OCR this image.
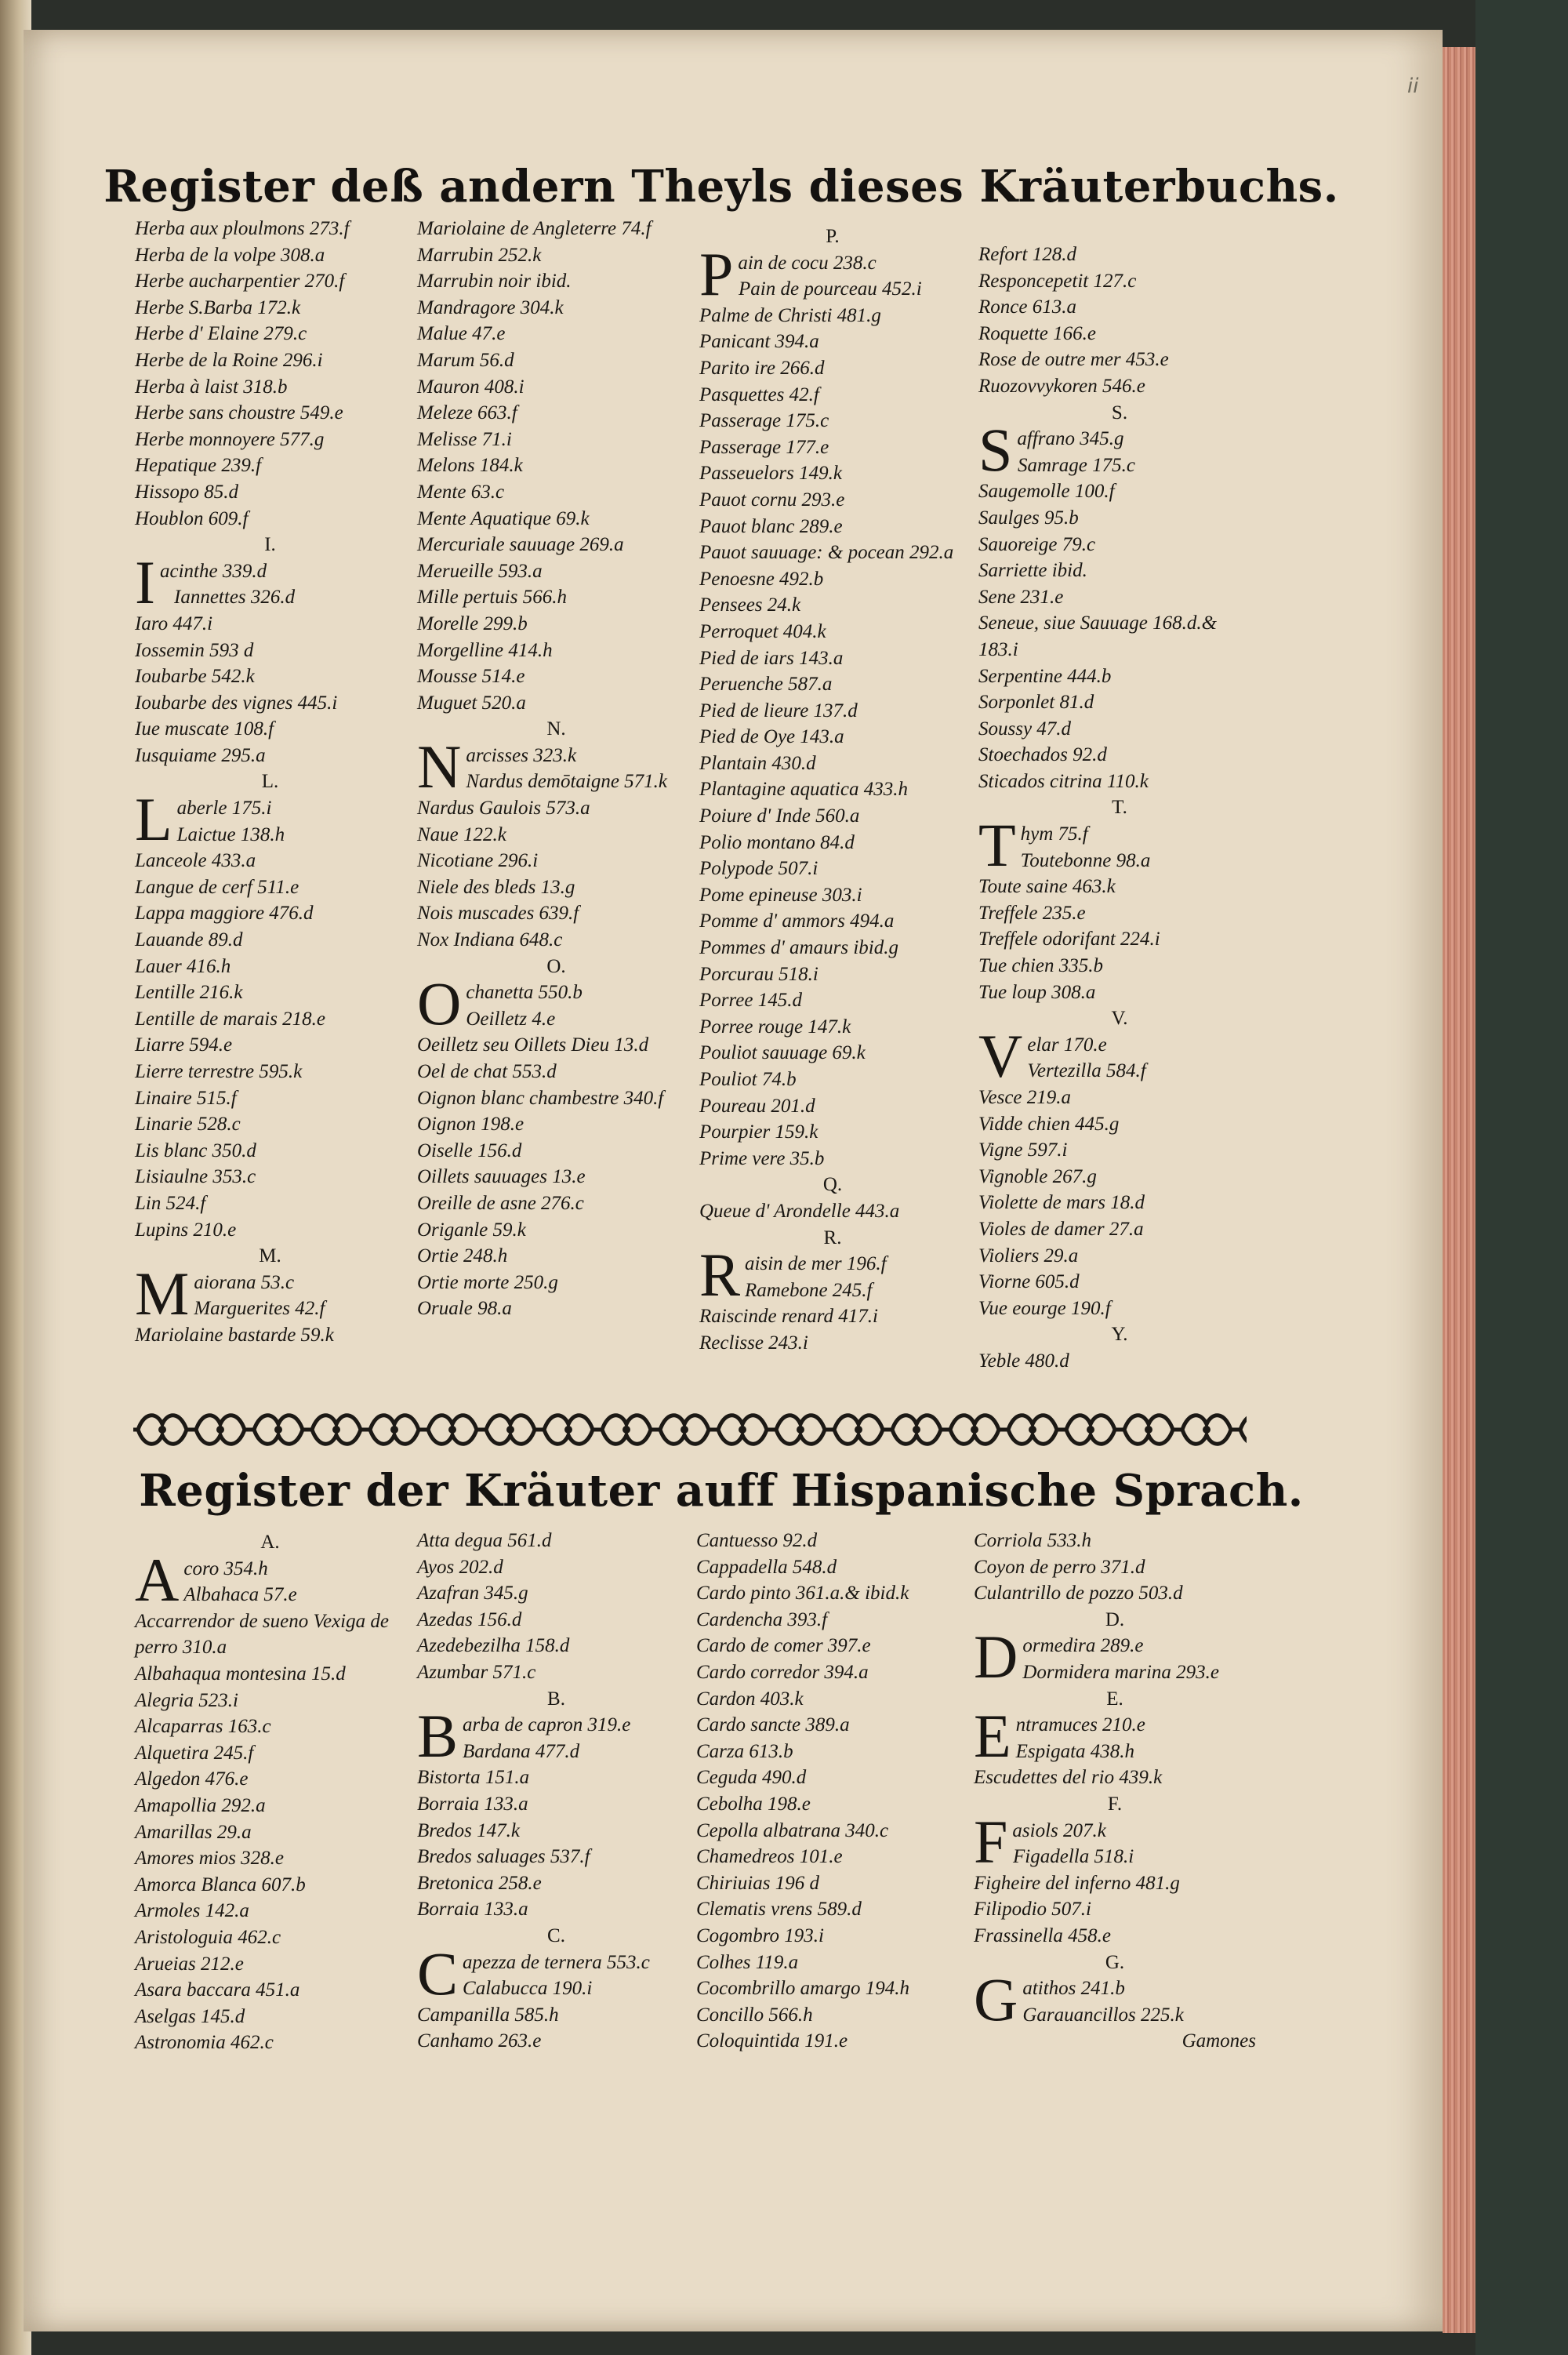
ii
Register deß andern Theyls dieses Kräuterbuchs.
Herba aux ploulmons 273.f
Herba de la volpe 308.a
Herbe aucharpentier 270.f
Herbe S.Barba 172.k
Herbe d' Elaine 279.c
Herbe de la Roine 296.i
Herba à laist 318.b
Herbe sans choustre 549.e
Herbe monnoyere 577.g
Hepatique 239.f
Hissopo 85.d
Houblon 609.f
I.
Iacinthe 339.d
Iannettes 326.d
Iaro 447.i
Iossemin 593 d
Ioubarbe 542.k
Ioubarbe des vignes 445.i
Iue muscate 108.f
Iusquiame 295.a
L.
Laberle 175.i
Laictue 138.h
Lanceole 433.a
Langue de cerf 511.e
Lappa maggiore 476.d
Lauande 89.d
Lauer 416.h
Lentille 216.k
Lentille de marais 218.e
Liarre 594.e
Lierre terrestre 595.k
Linaire 515.f
Linarie 528.c
Lis blanc 350.d
Lisiaulne 353.c
Lin 524.f
Lupins 210.e
M.
Maiorana 53.c
Marguerites 42.f
Mariolaine bastarde 59.k
Mariolaine de Angleterre 74.f
Marrubin 252.k
Marrubin noir ibid.
Mandragore 304.k
Malue 47.e
Marum 56.d
Mauron 408.i
Meleze 663.f
Melisse 71.i
Melons 184.k
Mente 63.c
Mente Aquatique 69.k
Mercuriale sauuage 269.a
Merueille 593.a
Mille pertuis 566.h
Morelle 299.b
Morgelline 414.h
Mousse 514.e
Muguet 520.a
N.
Narcisses 323.k
Nardus demōtaigne 571.k
Nardus Gaulois 573.a
Naue 122.k
Nicotiane 296.i
Niele des bleds 13.g
Nois muscades 639.f
Nox Indiana 648.c
O.
Ochanetta 550.b
Oeilletz 4.e
Oeilletz seu Oillets Dieu 13.d
Oel de chat 553.d
Oignon blanc chambestre 340.f
Oignon 198.e
Oiselle 156.d
Oillets sauuages 13.e
Oreille de asne 276.c
Origanle 59.k
Ortie 248.h
Ortie morte 250.g
Oruale 98.a
P.
Pain de cocu 238.c
Pain de pourceau 452.i
Palme de Christi 481.g
Panicant 394.a
Parito ire 266.d
Pasquettes 42.f
Passerage 175.c
Passerage 177.e
Passeuelors 149.k
Pauot cornu 293.e
Pauot blanc 289.e
Pauot sauuage: & pocean 292.a
Penoesne 492.b
Pensees 24.k
Perroquet 404.k
Pied de iars 143.a
Peruenche 587.a
Pied de lieure 137.d
Pied de Oye 143.a
Plantain 430.d
Plantagine aquatica 433.h
Poiure d' Inde 560.a
Polio montano 84.d
Polypode 507.i
Pome epineuse 303.i
Pomme d' ammors 494.a
Pommes d' amaurs ibid.g
Porcurau 518.i
Porree 145.d
Porree rouge 147.k
Pouliot sauuage 69.k
Pouliot 74.b
Poureau 201.d
Pourpier 159.k
Prime vere 35.b
Q.
Queue d' Arondelle 443.a
R.
Raisin de mer 196.f
Ramebone 245.f
Raiscinde renard 417.i
Reclisse 243.i
Refort 128.d
Responcepetit 127.c
Ronce 613.a
Roquette 166.e
Rose de outre mer 453.e
Ruozovvykoren 546.e
S.
Saffrano 345.g
Samrage 175.c
Saugemolle 100.f
Saulges 95.b
Sauoreige 79.c
Sarriette ibid.
Sene 231.e
Seneue, siue Sauuage 168.d.&
183.i
Serpentine 444.b
Sorponlet 81.d
Soussy 47.d
Stoechados 92.d
Sticados citrina 110.k
T.
Thym 75.f
Toutebonne 98.a
Toute saine 463.k
Treffele 235.e
Treffele odorifant 224.i
Tue chien 335.b
Tue loup 308.a
V.
Velar 170.e
Vertezilla 584.f
Vesce 219.a
Vidde chien 445.g
Vigne 597.i
Vignoble 267.g
Violette de mars 18.d
Violes de damer 27.a
Violiers 29.a
Viorne 605.d
Vue eourge 190.f
Y.
Yeble 480.d
Register der Kräuter auff Hispanische Sprach.
A.
Acoro 354.h
Albahaca 57.e
Accarrendor de sueno Vexiga de
perro 310.a
Albahaqua montesina 15.d
Alegria 523.i
Alcaparras 163.c
Alquetira 245.f
Algedon 476.e
Amapollia 292.a
Amarillas 29.a
Amores mios 328.e
Amorca Blanca 607.b
Armoles 142.a
Aristologuia 462.c
Arueias 212.e
Asara baccara 451.a
Aselgas 145.d
Astronomia 462.c
Atta degua 561.d
Ayos 202.d
Azafran 345.g
Azedas 156.d
Azedebezilha 158.d
Azumbar 571.c
B.
Barba de capron 319.e
Bardana 477.d
Bistorta 151.a
Borraia 133.a
Bredos 147.k
Bredos saluages 537.f
Bretonica 258.e
Borraia 133.a
C.
Capezza de ternera 553.c
Calabucca 190.i
Campanilla 585.h
Canhamo 263.e
Cantuesso 92.d
Cappadella 548.d
Cardo pinto 361.a.& ibid.k
Cardencha 393.f
Cardo de comer 397.e
Cardo corredor 394.a
Cardon 403.k
Cardo sancte 389.a
Carza 613.b
Ceguda 490.d
Cebolha 198.e
Cepolla albatrana 340.c
Chamedreos 101.e
Chiriuias 196 d
Clematis vrens 589.d
Cogombro 193.i
Colhes 119.a
Cocombrillo amargo 194.h
Concillo 566.h
Coloquintida 191.e
Corriola 533.h
Coyon de perro 371.d
Culantrillo de pozzo 503.d
D.
Dormedira 289.e
Dormidera marina 293.e
E.
Entramuces 210.e
Espigata 438.h
Escudettes del rio 439.k
F.
Fasiols 207.k
Figadella 518.i
Figheire del inferno 481.g
Filipodio 507.i
Frassinella 458.e
G.
Gatithos 241.b
Garauancillos 225.k
Gamones
